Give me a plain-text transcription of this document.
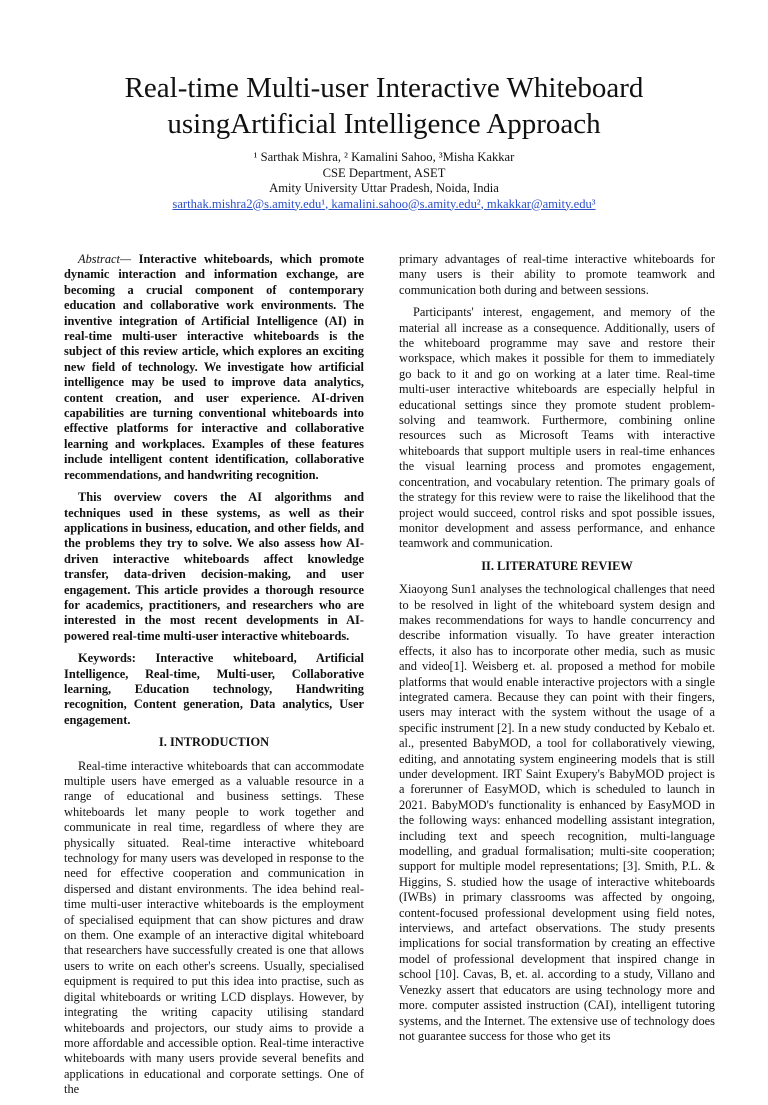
Real-time Multi-user Interactive Whiteboard usingArtificial Intelligence Approach
¹ Sarthak Mishra, ² Kamalini Sahoo, ³Misha Kakkar
CSE Department, ASET
Amity University Uttar Pradesh, Noida, India
sarthak.mishra2@s.amity.edu¹, kamalini.sahoo@s.amity.edu², mkakkar@amity.edu³

Abstract— Interactive whiteboards, which promote dynamic interaction and information exchange, are becoming a crucial component of contemporary education and collaborative work environments. The inventive integration of Artificial Intelligence (AI) in real-time multi-user interactive whiteboards is the subject of this review article, which explores an exciting new field of technology. We investigate how artificial intelligence may be used to improve data analytics, content creation, and user experience. AI-driven capabilities are turning conventional whiteboards into effective platforms for interactive and collaborative learning and workplaces. Examples of these features include intelligent content identification, collaborative recommendations, and handwriting recognition.

This overview covers the AI algorithms and techniques used in these systems, as well as their applications in business, education, and other fields, and the problems they try to solve. We also assess how AI-driven interactive whiteboards affect knowledge transfer, data-driven decision-making, and user engagement. This article provides a thorough resource for academics, practitioners, and researchers who are interested in the most recent developments in AI-powered real-time multi-user interactive whiteboards.

Keywords: Interactive whiteboard, Artificial Intelligence, Real-time, Multi-user, Collaborative learning, Education technology, Handwriting recognition, Content generation, Data analytics, User engagement.

I. INTRODUCTION

Real-time interactive whiteboards that can accommodate multiple users have emerged as a valuable resource in a range of educational and business settings. These whiteboards let many people to work together and communicate in real time, regardless of where they are physically situated. Real-time interactive whiteboard technology for many users was developed in response to the need for effective cooperation and communication in dispersed and distant environments. The idea behind real-time multi-user interactive whiteboards is the employment of specialised equipment that can show pictures and draw on them. One example of an interactive digital whiteboard that researchers have successfully created is one that allows users to write on each other's screens. Usually, specialised equipment is required to put this idea into practise, such as digital whiteboards or writing LCD displays. However, by integrating the writing capacity utilising standard whiteboards and projectors, our study aims to provide a more affordable and accessible option. Real-time interactive whiteboards with many users provide several benefits and applications in educational and corporate settings. One of the

primary advantages of real-time interactive whiteboards for many users is their ability to promote teamwork and communication both during and between sessions.

Participants' interest, engagement, and memory of the material all increase as a consequence. Additionally, users of the whiteboard programme may save and restore their workspace, which makes it possible for them to immediately go back to it and go on working at a later time. Real-time multi-user interactive whiteboards are especially helpful in educational settings since they promote student problem-solving and teamwork. Furthermore, combining online resources such as Microsoft Teams with interactive whiteboards that support multiple users in real-time enhances the visual learning process and promotes engagement, concentration, and vocabulary retention. The primary goals of the strategy for this review were to raise the likelihood that the project would succeed, control risks and spot possible issues, monitor development and assess performance, and enhance teamwork and communication.

II. LITERATURE REVIEW

Xiaoyong Sun1 analyses the technological challenges that need to be resolved in light of the whiteboard system design and makes recommendations for ways to handle concurrency and describe information visually. To have greater interaction effects, it also has to incorporate other media, such as music and video[1]. Weisberg et. al. proposed a method for mobile platforms that would enable interactive projectors with a single integrated camera. Because they can point with their fingers, users may interact with the system without the usage of a specific instrument [2]. In a new study conducted by Kebalo et. al., presented BabyMOD, a tool for collaboratively viewing, editing, and annotating system engineering models that is still under development. IRT Saint Exupery's BabyMOD project is a forerunner of EasyMOD, which is scheduled to launch in 2021. BabyMOD's functionality is enhanced by EasyMOD in the following ways: enhanced modelling assistant integration, including text and speech recognition, multi-language modelling, and gradual formalisation; multi-site cooperation; support for multiple model representations; [3]. Smith, P.L. & Higgins, S. studied how the usage of interactive whiteboards (IWBs) in primary classrooms was affected by ongoing, content-focused professional development using field notes, interviews, and artefact observations. The study presents implications for social transformation by creating an effective model of professional development that inspired change in school [10]. Cavas, B, et. al. according to a study, Villano and Venezky assert that educators are using technology more and more. computer assisted instruction (CAI), intelligent tutoring systems, and the Internet. The extensive use of technology does not guarantee success for those who get its
